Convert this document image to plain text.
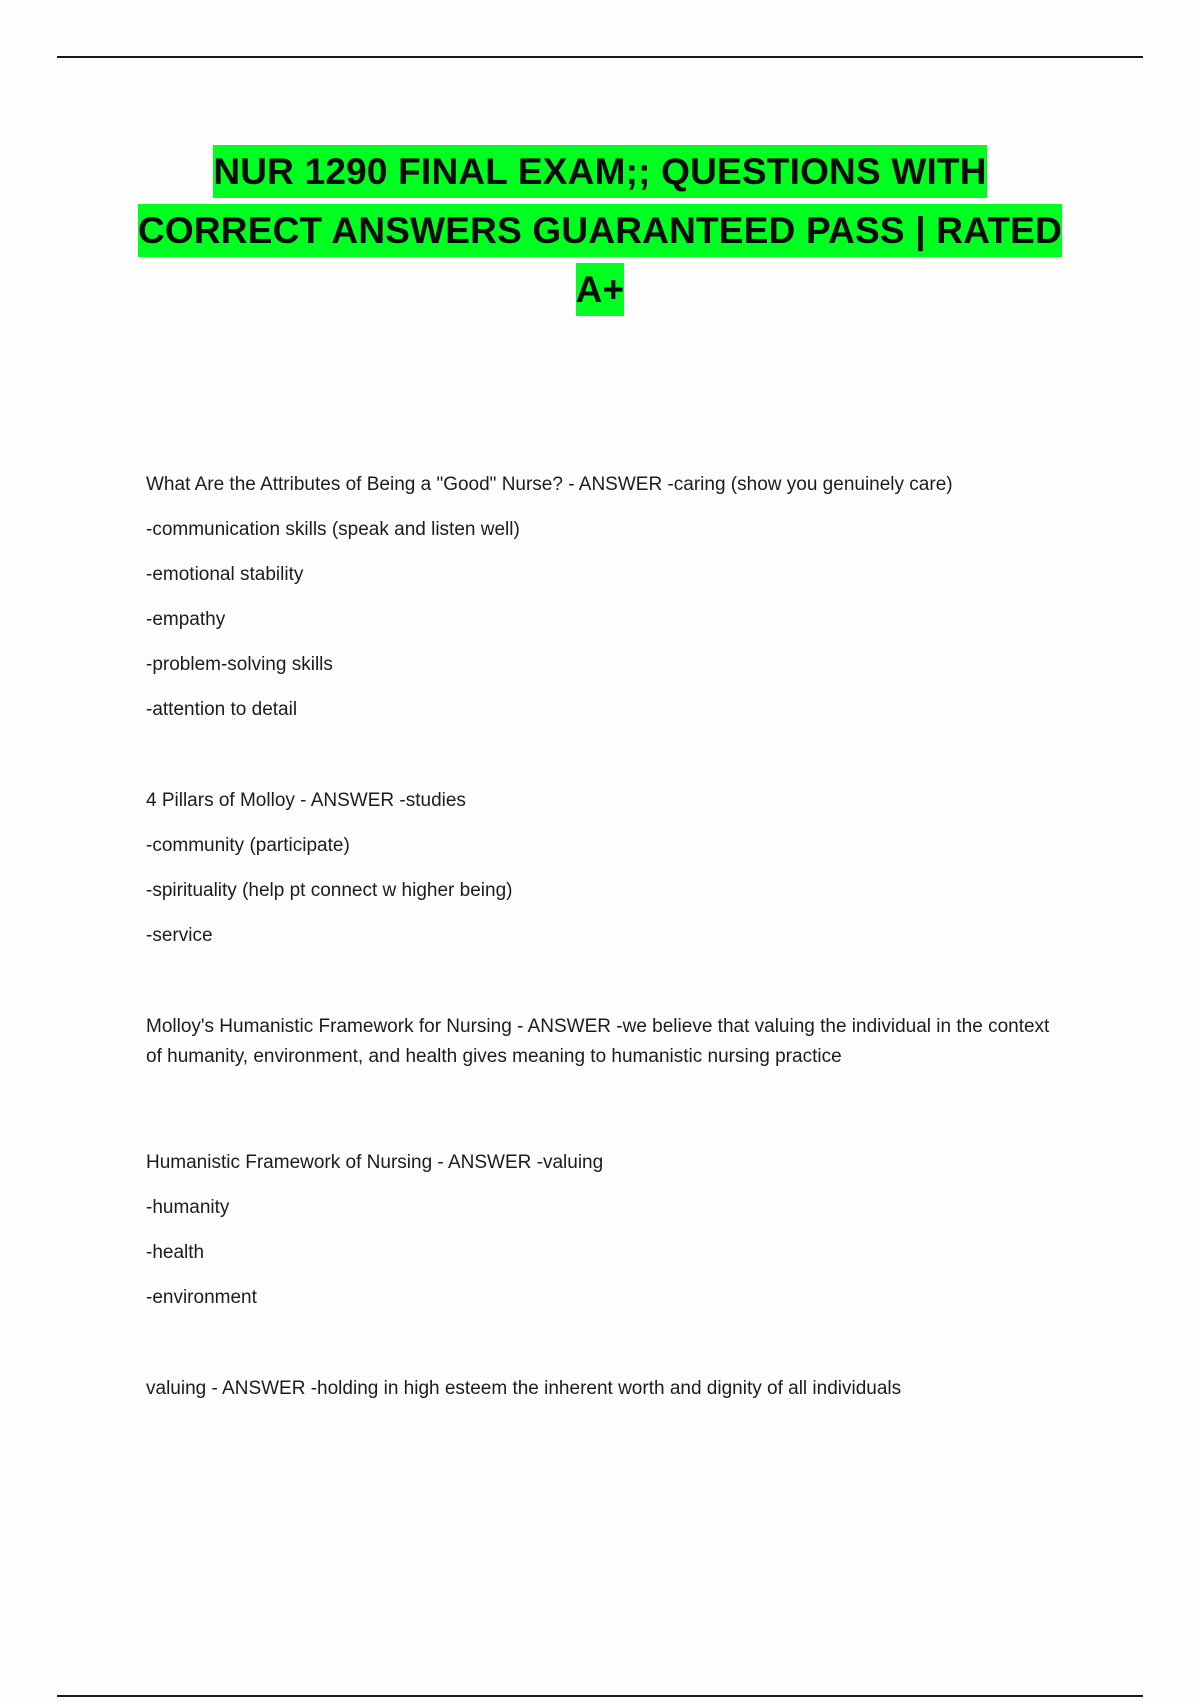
NUR 1290 FINAL EXAM;; QUESTIONS WITH
CORRECT ANSWERS GUARANTEED PASS | RATED
A+
What Are the Attributes of Being a "Good" Nurse? - ANSWER -caring (show you genuinely care)
-communication skills (speak and listen well)
-emotional stability
-empathy
-problem-solving skills
-attention to detail
4 Pillars of Molloy - ANSWER -studies
-community (participate)
-spirituality (help pt connect w higher being)
-service
Molloy's Humanistic Framework for Nursing - ANSWER -we believe that valuing the individual in the context of humanity, environment, and health gives meaning to humanistic nursing practice
Humanistic Framework of Nursing - ANSWER -valuing
-humanity
-health
-environment
valuing - ANSWER -holding in high esteem the inherent worth and dignity of all individuals
